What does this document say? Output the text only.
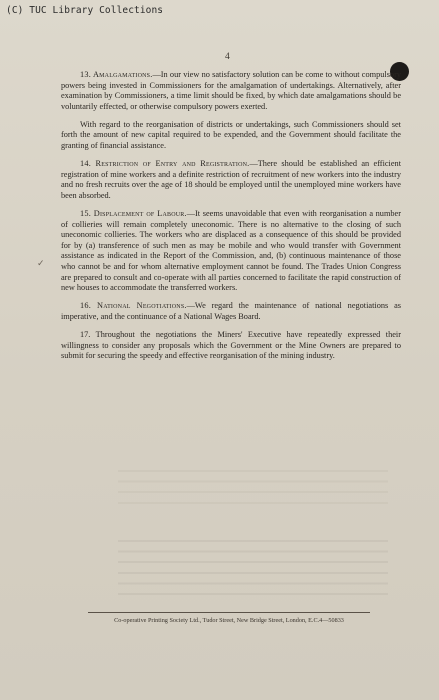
(C) TUC Library Collections
4
✓

13. Amalgamations.—In our view no satisfactory solution can be come to without compulsory powers being invested in Commissioners for the amalgamation of undertakings. Alternatively, after examination by Commissioners, a time limit should be fixed, by which date amalgamations should be voluntarily effected, or otherwise compulsory powers exerted.

With regard to the reorganisation of districts or undertakings, such Commissioners should set forth the amount of new capital required to be expended, and the Government should facilitate the granting of financial assistance.

14. Restriction of Entry and Registration.—There should be established an efficient registration of mine workers and a definite restriction of recruitment of new workers into the industry and no fresh recruits over the age of 18 should be employed until the unemployed mine workers have been absorbed.

15. Displacement of Labour.—It seems unavoidable that even with reorganisation a number of collieries will remain completely uneconomic. There is no alternative to the closing of such uneconomic collieries. The workers who are displaced as a consequence of this should be provided for by (a) transference of such men as may be mobile and who would transfer with Government assistance as indicated in the Report of the Commission, and, (b) continuous maintenance of those who cannot be and for whom alternative employment cannot be found. The Trades Union Congress are prepared to consult and co-operate with all parties concerned to facilitate the rapid construction of new houses to accommodate the transferred workers.

16. National Negotiations.—We regard the maintenance of national negotiations as imperative, and the continuance of a National Wages Board.

17. Throughout the negotiations the Miners' Executive have repeatedly expressed their willingness to consider any proposals which the Government or the Mine Owners are prepared to submit for securing the speedy and effective reorganisation of the mining industry.

Co-operative Printing Society Ltd., Tudor Street, New Bridge Street, London, E.C.4—50833
